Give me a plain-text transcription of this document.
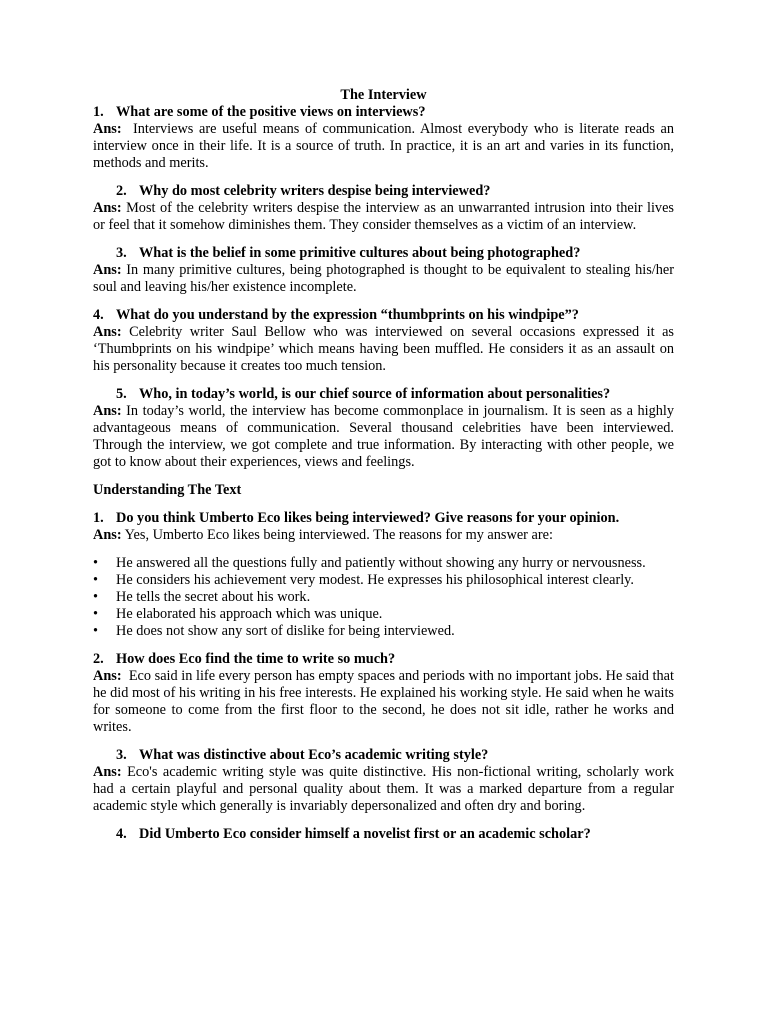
The Interview

1. What are some of the positive views on interviews?

Ans: Interviews are useful means of communication. Almost everybody who is literate reads an interview once in their life. It is a source of truth. In practice, it is an art and varies in its function, methods and merits.

2. Why do most celebrity writers despise being interviewed?

Ans: Most of the celebrity writers despise the interview as an unwarranted intrusion into their lives or feel that it somehow diminishes them. They consider themselves as a victim of an interview.

3. What is the belief in some primitive cultures about being photographed?

Ans: In many primitive cultures, being photographed is thought to be equivalent to stealing his/her soul and leaving his/her existence incomplete.

4. What do you understand by the expression “thumbprints on his windpipe”?

Ans: Celebrity writer Saul Bellow who was interviewed on several occasions expressed it as ‘Thumbprints on his windpipe’ which means having been muffled. He considers it as an assault on his personality because it creates too much tension.

5. Who, in today’s world, is our chief source of information about personalities?

Ans: In today’s world, the interview has become commonplace in journalism. It is seen as a highly advantageous means of communication. Several thousand celebrities have been interviewed. Through the interview, we got complete and true information. By interacting with other people, we got to know about their experiences, views and feelings.

Understanding The Text

1. Do you think Umberto Eco likes being interviewed? Give reasons for your opinion.

Ans: Yes, Umberto Eco likes being interviewed. The reasons for my answer are:

• He answered all the questions fully and patiently without showing any hurry or nervousness.
• He considers his achievement very modest. He expresses his philosophical interest clearly.
• He tells the secret about his work.
• He elaborated his approach which was unique.
• He does not show any sort of dislike for being interviewed.

2. How does Eco find the time to write so much?

Ans: Eco said in life every person has empty spaces and periods with no important jobs. He said that he did most of his writing in his free interests. He explained his working style. He said when he waits for someone to come from the first floor to the second, he does not sit idle, rather he works and writes.

3. What was distinctive about Eco’s academic writing style?

Ans: Eco's academic writing style was quite distinctive. His non-fictional writing, scholarly work had a certain playful and personal quality about them. It was a marked departure from a regular academic style which generally is invariably depersonalized and often dry and boring.

4. Did Umberto Eco consider himself a novelist first or an academic scholar?
